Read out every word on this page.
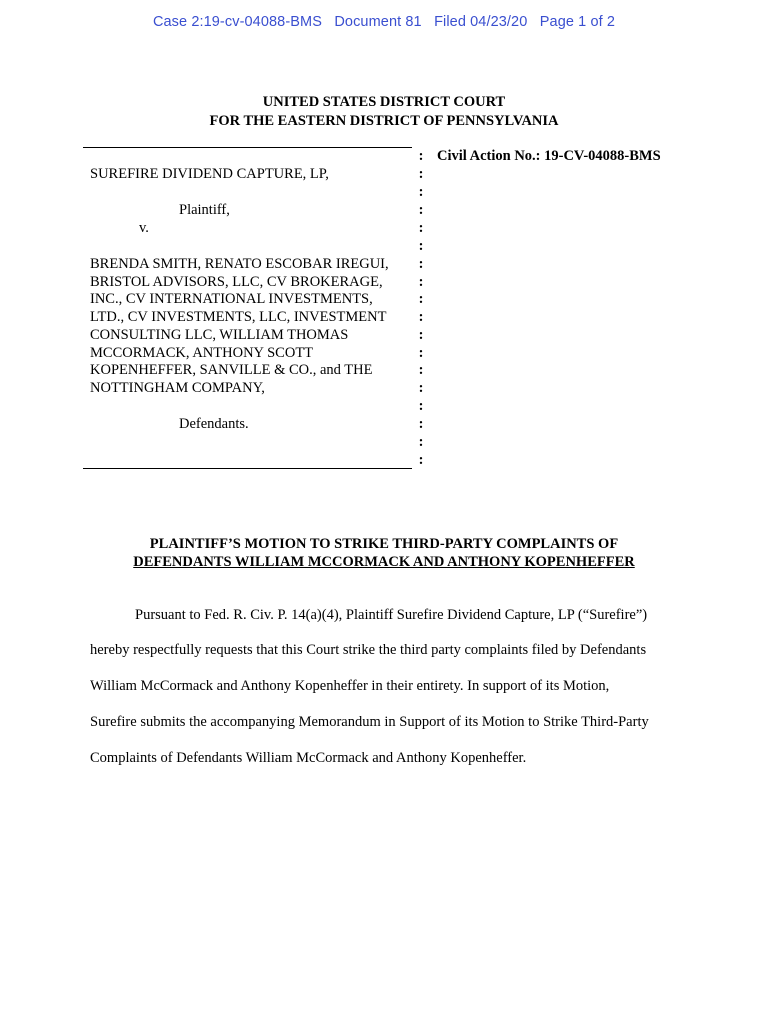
Case 2:19-cv-04088-BMS   Document 81   Filed 04/23/20   Page 1 of 2
UNITED STATES DISTRICT COURT
FOR THE EASTERN DISTRICT OF PENNSYLVANIA
SUREFIRE DIVIDEND CAPTURE, LP,
Plaintiff,
v.
BRENDA SMITH, RENATO ESCOBAR IREGUI,
BRISTOL ADVISORS, LLC, CV BROKERAGE,
INC., CV INTERNATIONAL INVESTMENTS,
LTD., CV INVESTMENTS, LLC, INVESTMENT
CONSULTING LLC, WILLIAM THOMAS
MCCORMACK, ANTHONY SCOTT
KOPENHEFFER, SANVILLE & CO., and THE
NOTTINGHAM COMPANY,
Defendants.
:
:
:
:
:
:
:
:
:
:
:
:
:
:
:
:
:
:
Civil Action No.: 19-CV-04088-BMS
PLAINTIFF’S MOTION TO STRIKE THIRD-PARTY COMPLAINTS OF
DEFENDANTS WILLIAM MCCORMACK AND ANTHONY KOPENHEFFER
Pursuant to Fed. R. Civ. P. 14(a)(4), Plaintiff Surefire Dividend Capture, LP (“Surefire”)
hereby respectfully requests that this Court strike the third party complaints filed by Defendants
William McCormack and Anthony Kopenheffer in their entirety. In support of its Motion,
Surefire submits the accompanying Memorandum in Support of its Motion to Strike Third-Party
Complaints of Defendants William McCormack and Anthony Kopenheffer.
